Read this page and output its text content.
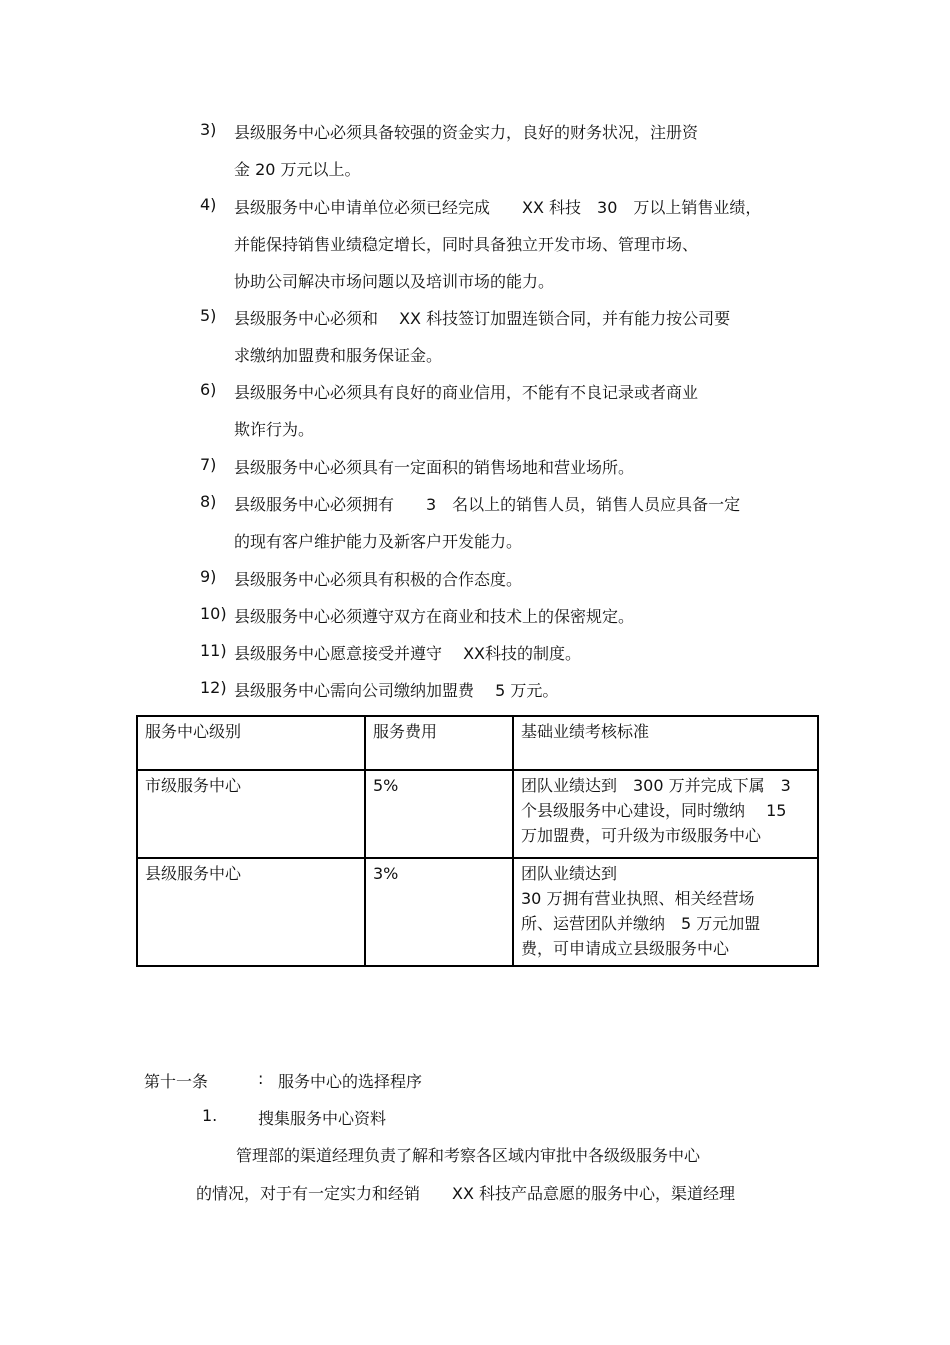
3)	县级服务中心必须具备较强的资金实力，良好的财务状况，注册资
金 20 万元以上。
4)	县级服务中心申请单位必须已经完成　　XX 科技　30　万以上销售业绩，
并能保持销售业绩稳定增长，同时具备独立开发市场、管理市场、
协助公司解决市场问题以及培训市场的能力。
5)	县级服务中心必须和　 XX 科技签订加盟连锁合同，并有能力按公司要
求缴纳加盟费和服务保证金。
6)	县级服务中心必须具有良好的商业信用，不能有不良记录或者商业
欺诈行为。
7)	县级服务中心必须具有一定面积的销售场地和营业场所。
8)	县级服务中心必须拥有　　3　名以上的销售人员，销售人员应具备一定
的现有客户维护能力及新客户开发能力。
9)	县级服务中心必须具有积极的合作态度。
10) 县级服务中心必须遵守双方在商业和技术上的保密规定。
11) 县级服务中心愿意接受并遵守　 XX科技的制度。
12) 县级服务中心需向公司缴纳加盟费　 5 万元。
服务中心级别	服务费用	基础业绩考核标准
市级服务中心	5%	团队业绩达到　300 万并完成下属　3
个县级服务中心建设，同时缴纳　 15
万加盟费，可升级为市级服务中心

县级服务中心	3%	团队业绩达到
30 万拥有营业执照、相关经营场
所、运营团队并缴纳　5 万元加盟
费，可申请成立县级服务中心
第十一条	: 服务中心的选择程序
1.	搜集服务中心资料
管理部的渠道经理负责了解和考察各区域内审批中各级级服务中心
的情况，对于有一定实力和经销　　XX 科技产品意愿的服务中心，渠道经理
